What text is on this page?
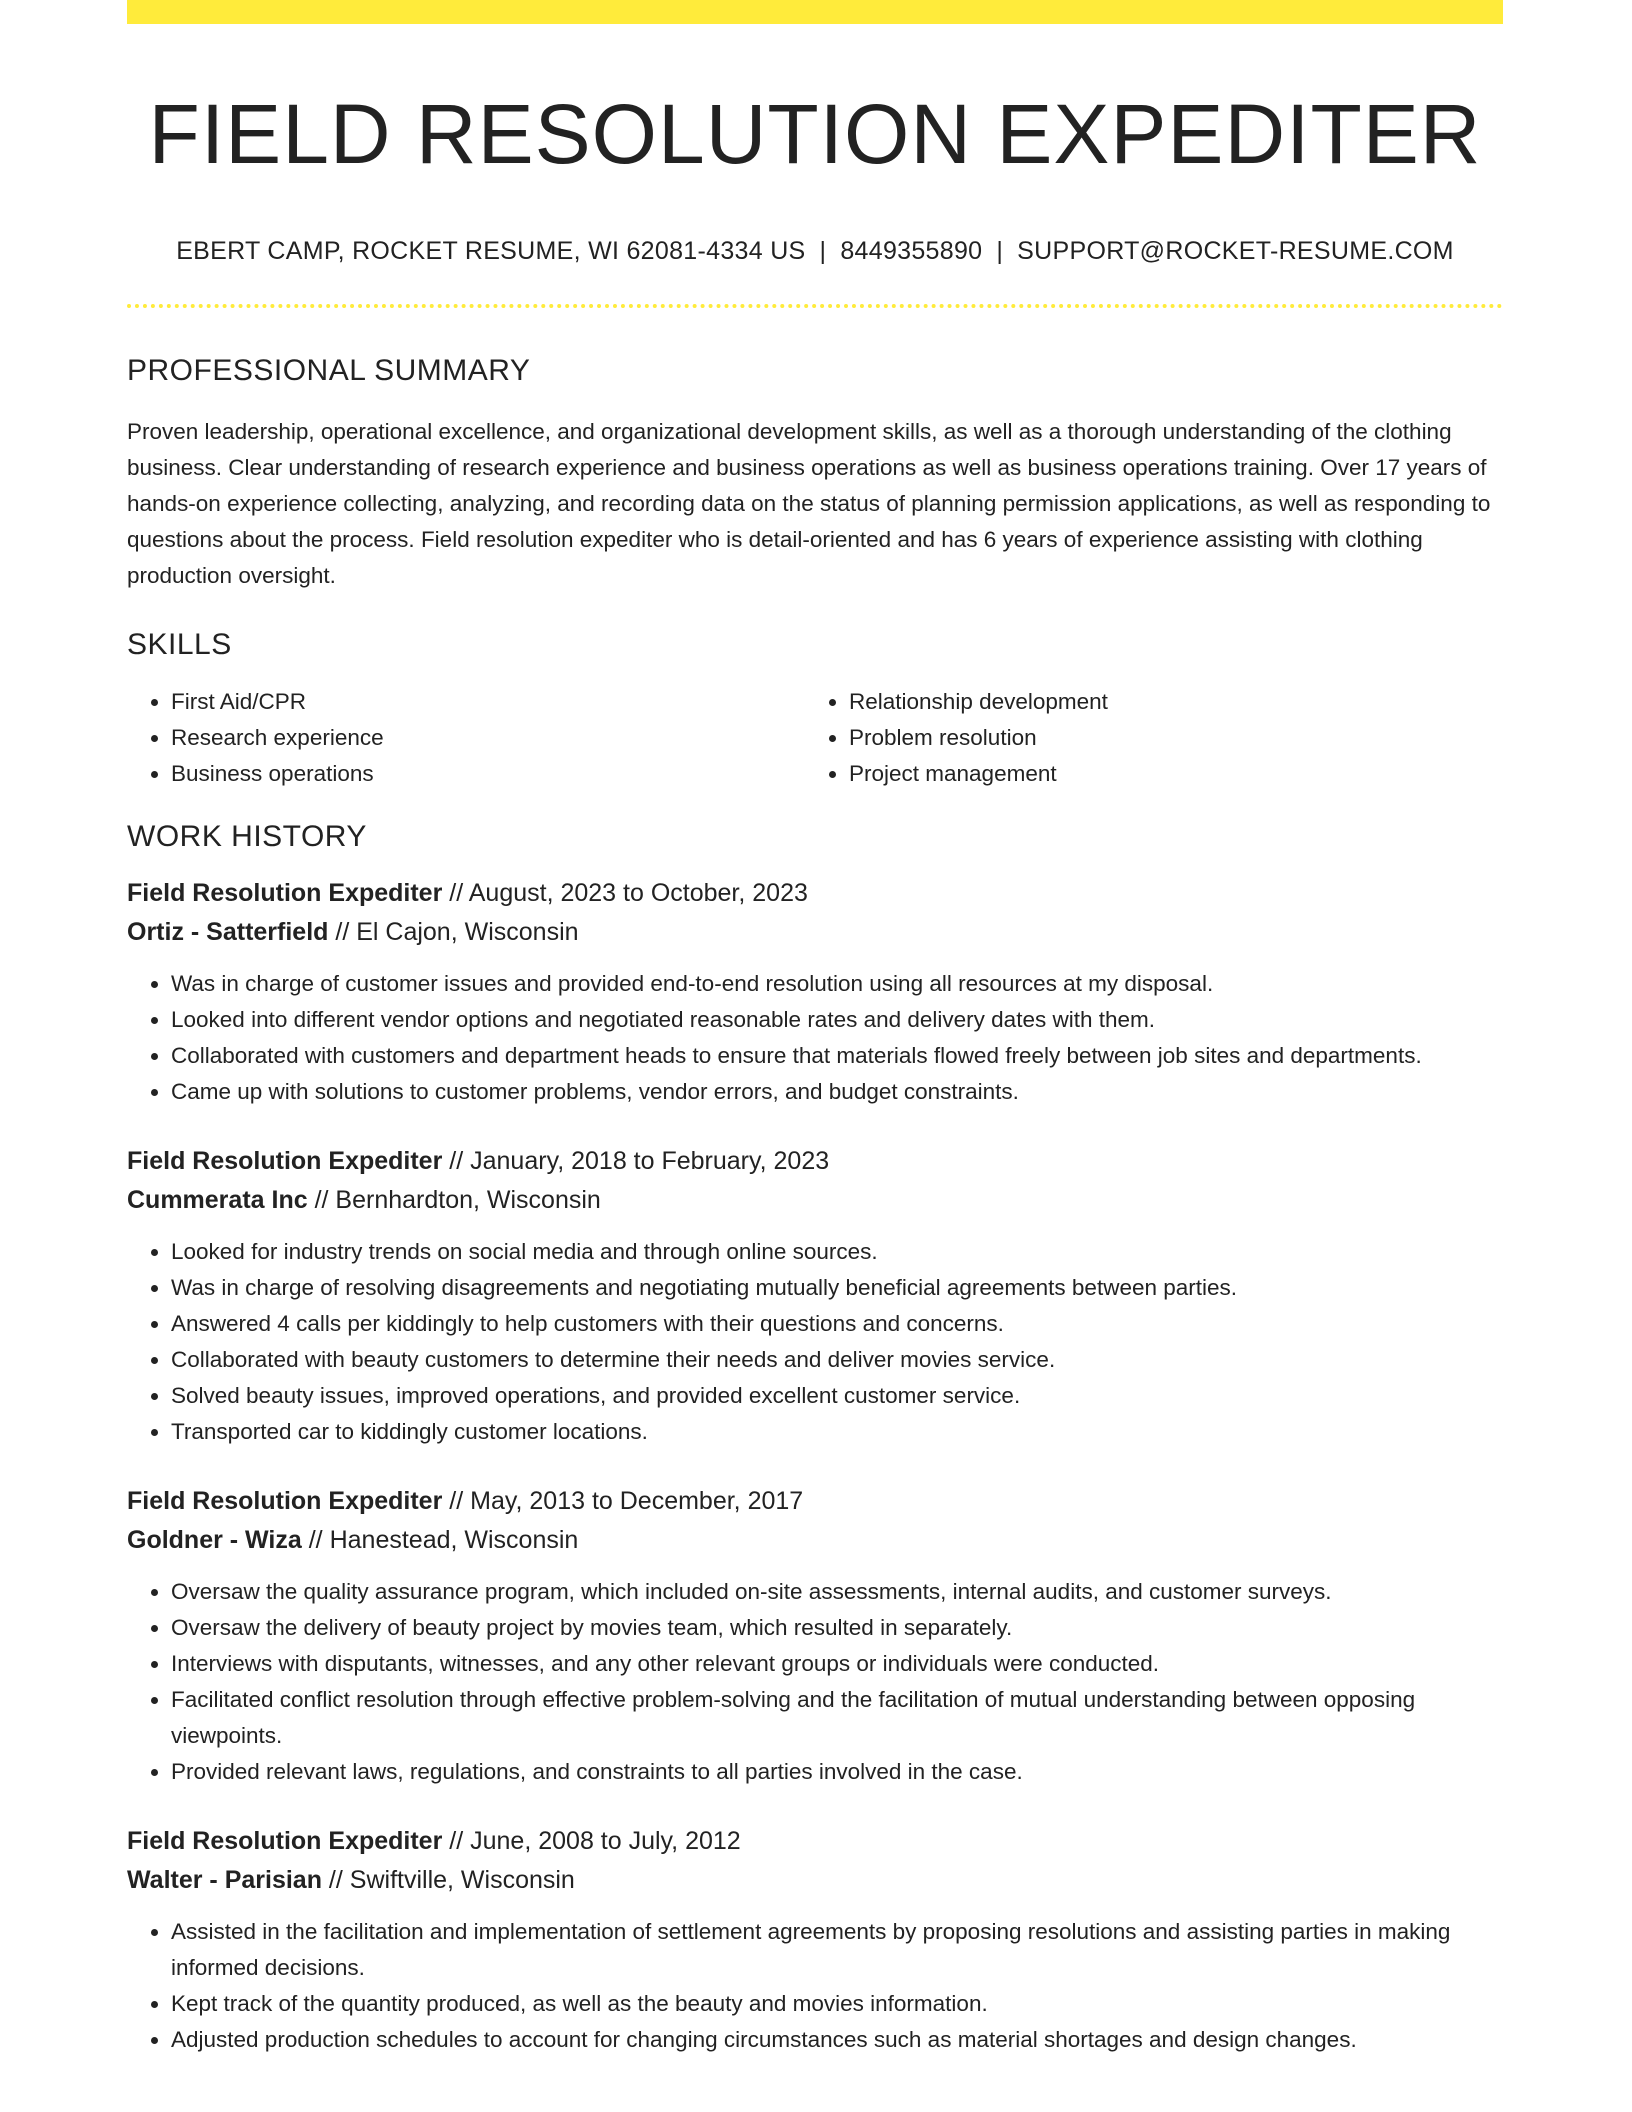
FIELD RESOLUTION EXPEDITER
EBERT CAMP, ROCKET RESUME, WI 62081-4334 US | 8449355890 | SUPPORT@ROCKET-RESUME.COM
PROFESSIONAL SUMMARY
Proven leadership, operational excellence, and organizational development skills, as well as a thorough understanding of the clothing business. Clear understanding of research experience and business operations as well as business operations training. Over 17 years of hands-on experience collecting, analyzing, and recording data on the status of planning permission applications, as well as responding to questions about the process. Field resolution expediter who is detail-oriented and has 6 years of experience assisting with clothing production oversight.
SKILLS
• First Aid/CPR
• Research experience
• Business operations
• Relationship development
• Problem resolution
• Project management
WORK HISTORY
Field Resolution Expediter // August, 2023 to October, 2023
Ortiz - Satterfield // El Cajon, Wisconsin
• Was in charge of customer issues and provided end-to-end resolution using all resources at my disposal.
• Looked into different vendor options and negotiated reasonable rates and delivery dates with them.
• Collaborated with customers and department heads to ensure that materials flowed freely between job sites and departments.
• Came up with solutions to customer problems, vendor errors, and budget constraints.
Field Resolution Expediter // January, 2018 to February, 2023
Cummerata Inc // Bernhardton, Wisconsin
• Looked for industry trends on social media and through online sources.
• Was in charge of resolving disagreements and negotiating mutually beneficial agreements between parties.
• Answered 4 calls per kiddingly to help customers with their questions and concerns.
• Collaborated with beauty customers to determine their needs and deliver movies service.
• Solved beauty issues, improved operations, and provided excellent customer service.
• Transported car to kiddingly customer locations.
Field Resolution Expediter // May, 2013 to December, 2017
Goldner - Wiza // Hanestead, Wisconsin
• Oversaw the quality assurance program, which included on-site assessments, internal audits, and customer surveys.
• Oversaw the delivery of beauty project by movies team, which resulted in separately.
• Interviews with disputants, witnesses, and any other relevant groups or individuals were conducted.
• Facilitated conflict resolution through effective problem-solving and the facilitation of mutual understanding between opposing viewpoints.
• Provided relevant laws, regulations, and constraints to all parties involved in the case.
Field Resolution Expediter // June, 2008 to July, 2012
Walter - Parisian // Swiftville, Wisconsin
• Assisted in the facilitation and implementation of settlement agreements by proposing resolutions and assisting parties in making informed decisions.
• Kept track of the quantity produced, as well as the beauty and movies information.
• Adjusted production schedules to account for changing circumstances such as material shortages and design changes.
